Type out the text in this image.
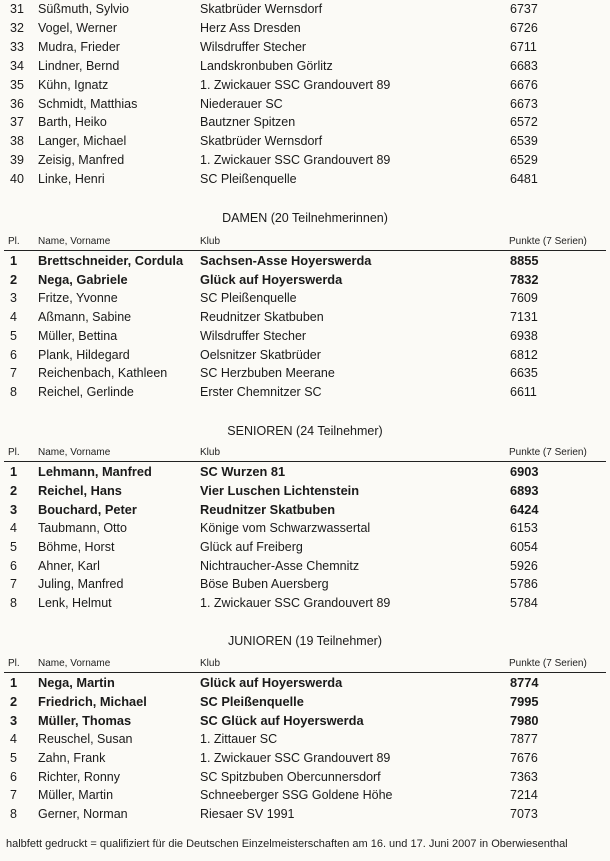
31	Süßmuth, Sylvio	Skatbrüder Wernsdorf	6737
32	Vogel, Werner	Herz Ass Dresden	6726
33	Mudra, Frieder	Wilsdruffer Stecher	6711
34	Lindner, Bernd	Landskronbuben Görlitz	6683
35	Kühn, Ignatz	1. Zwickauer SSC Grandouvert 89	6676
36	Schmidt, Matthias	Niederauer SC	6673
37	Barth, Heiko	Bautzner Spitzen	6572
38	Langer, Michael	Skatbrüder Wernsdorf	6539
39	Zeisig, Manfred	1. Zwickauer SSC Grandouvert 89	6529
40	Linke, Henri	SC Pleißenquelle	6481
DAMEN (20 Teilnehmerinnen)
Pl.	Name, Vorname	Klub	Punkte (7 Serien)
1	Brettschneider, Cordula	Sachsen-Asse Hoyerswerda	8855
2	Nega, Gabriele	Glück auf Hoyerswerda	7832
3	Fritze, Yvonne	SC Pleißenquelle	7609
4	Aßmann, Sabine	Reudnitzer Skatbuben	7131
5	Müller, Bettina	Wilsdruffer Stecher	6938
6	Plank, Hildegard	Oelsnitzer Skatbrüder	6812
7	Reichenbach, Kathleen	SC Herzbuben Meerane	6635
8	Reichel, Gerlinde	Erster Chemnitzer SC	6611
SENIOREN (24 Teilnehmer)
Pl.	Name, Vorname	Klub	Punkte (7 Serien)
1	Lehmann, Manfred	SC Wurzen 81	6903
2	Reichel, Hans	Vier Luschen Lichtenstein	6893
3	Bouchard, Peter	Reudnitzer Skatbuben	6424
4	Taubmann, Otto	Könige vom Schwarzwassertal	6153
5	Böhme, Horst	Glück auf Freiberg	6054
6	Ahner, Karl	Nichtraucher-Asse Chemnitz	5926
7	Juling, Manfred	Böse Buben Auersberg	5786
8	Lenk, Helmut	1. Zwickauer SSC Grandouvert 89	5784
JUNIOREN (19 Teilnehmer)
Pl.	Name, Vorname	Klub	Punkte (7 Serien)
1	Nega, Martin	Glück auf Hoyerswerda	8774
2	Friedrich, Michael	SC Pleißenquelle	7995
3	Müller, Thomas	SC Glück auf Hoyerswerda	7980
4	Reuschel, Susan	1. Zittauer SC	7877
5	Zahn, Frank	1. Zwickauer SSC Grandouvert 89	7676
6	Richter, Ronny	SC Spitzbuben Obercunnersdorf	7363
7	Müller, Martin	Schneeberger SSG Goldene Höhe	7214
8	Gerner, Norman	Riesaer SV 1991	7073
halbfett gedruckt = qualifiziert für die Deutschen Einzelmeisterschaften am 16. und 17. Juni 2007 in Oberwiesenthal
